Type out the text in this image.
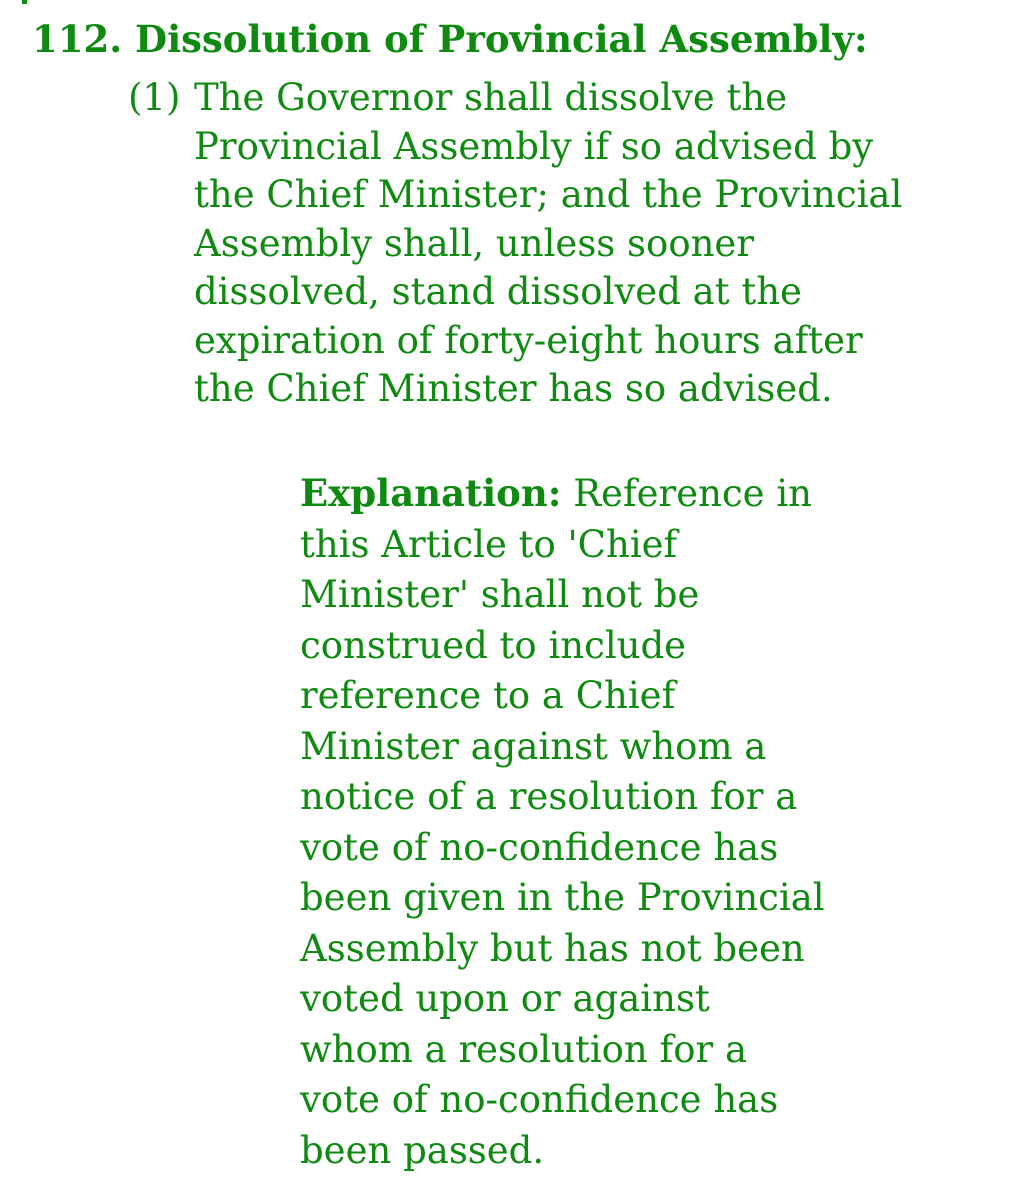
112. Dissolution of Provincial Assembly:
(1) The Governor shall dissolve the
Provincial Assembly if so advised by
the Chief Minister; and the Provincial
Assembly shall, unless sooner
dissolved, stand dissolved at the
expiration of forty-eight hours after
the Chief Minister has so advised.
Explanation: Reference in
this Article to 'Chief
Minister' shall not be
construed to include
reference to a Chief
Minister against whom a
notice of a resolution for a
vote of no-confidence has
been given in the Provincial
Assembly but has not been
voted upon or against
whom a resolution for a
vote of no-confidence has
been passed.
